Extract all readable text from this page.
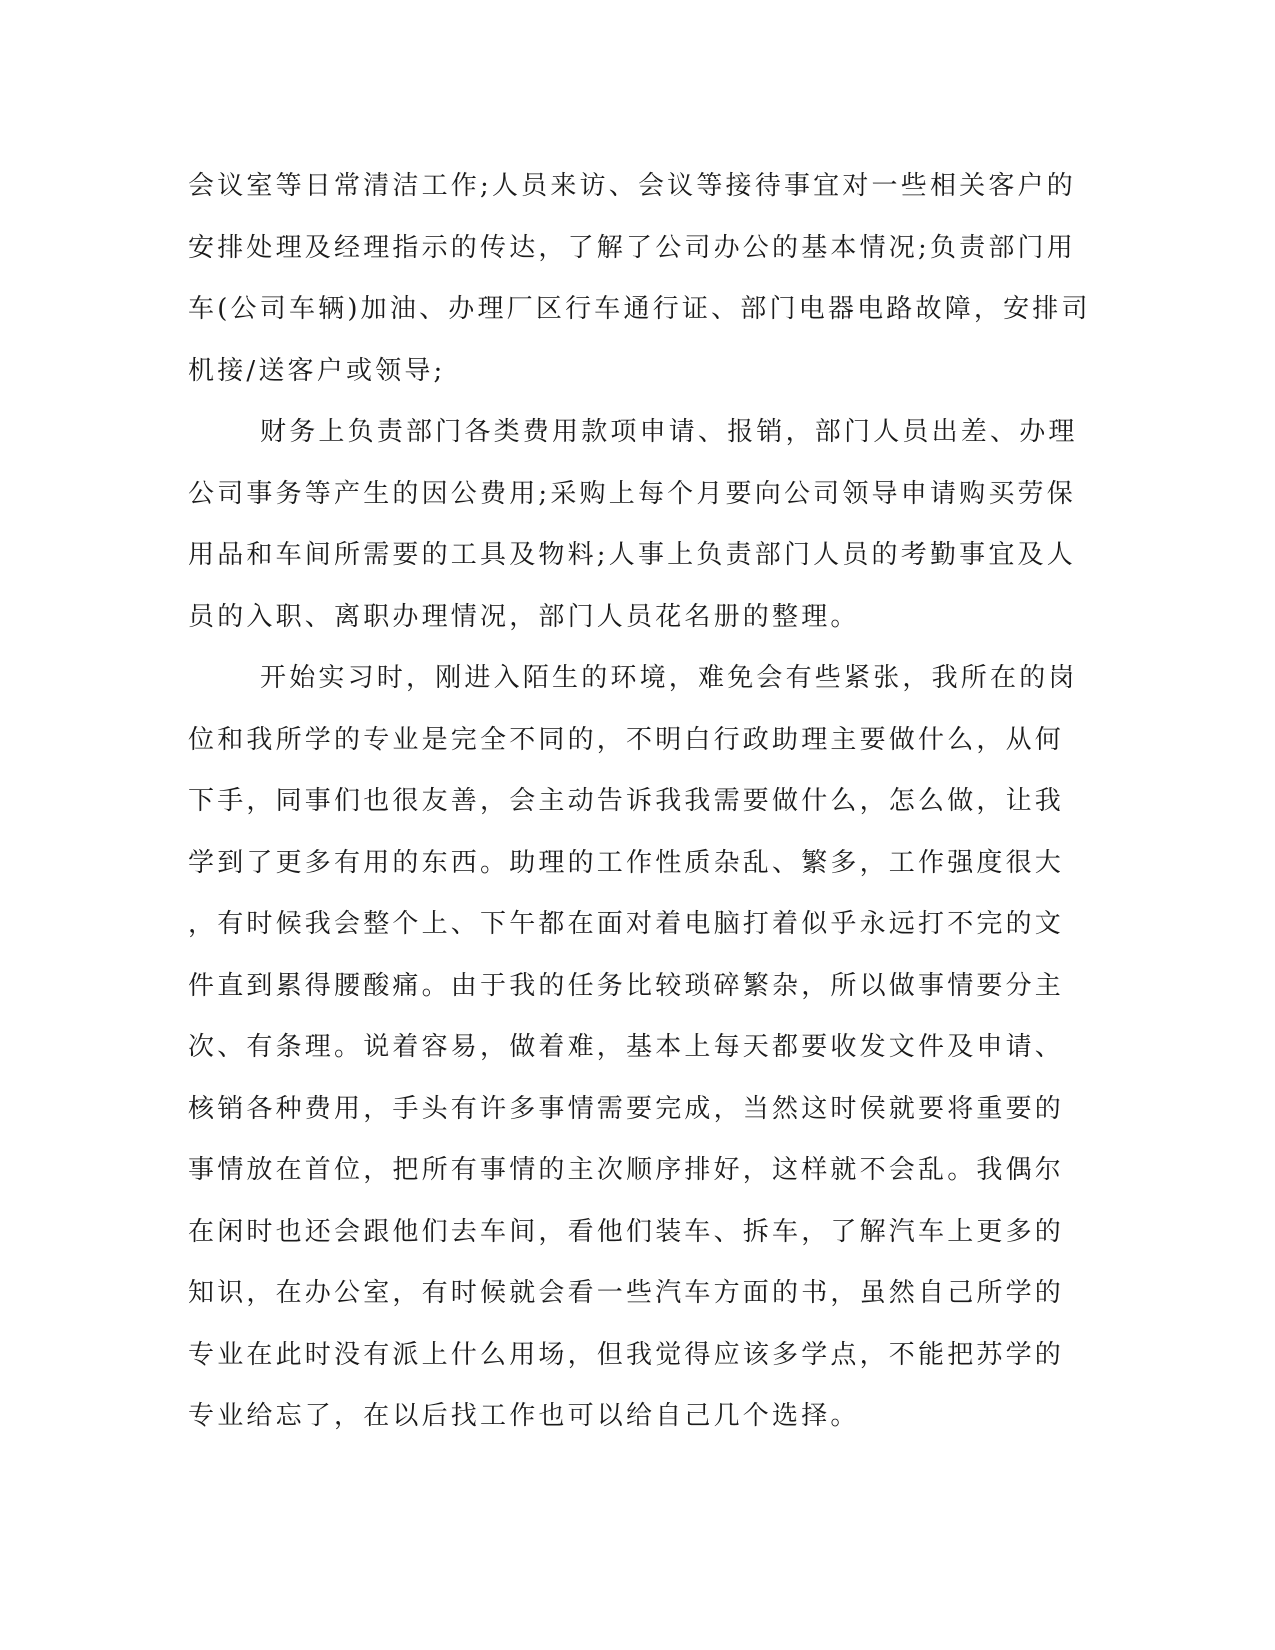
会议室等日常清洁工作;人员来访、会议等接待事宜对一些相关客户的
安排处理及经理指示的传达，了解了公司办公的基本情况;负责部门用
车(公司车辆)加油、办理厂区行车通行证、部门电器电路故障，安排司
机接/送客户或领导;
财务上负责部门各类费用款项申请、报销，部门人员出差、办理
公司事务等产生的因公费用;采购上每个月要向公司领导申请购买劳保
用品和车间所需要的工具及物料;人事上负责部门人员的考勤事宜及人
员的入职、离职办理情况，部门人员花名册的整理。
开始实习时，刚进入陌生的环境，难免会有些紧张，我所在的岗
位和我所学的专业是完全不同的，不明白行政助理主要做什么，从何
下手，同事们也很友善，会主动告诉我我需要做什么，怎么做，让我
学到了更多有用的东西。助理的工作性质杂乱、繁多，工作强度很大
，有时候我会整个上、下午都在面对着电脑打着似乎永远打不完的文
件直到累得腰酸痛。由于我的任务比较琐碎繁杂，所以做事情要分主
次、有条理。说着容易，做着难，基本上每天都要收发文件及申请、
核销各种费用，手头有许多事情需要完成，当然这时侯就要将重要的
事情放在首位，把所有事情的主次顺序排好，这样就不会乱。我偶尔
在闲时也还会跟他们去车间，看他们装车、拆车，了解汽车上更多的
知识，在办公室，有时候就会看一些汽车方面的书，虽然自己所学的
专业在此时没有派上什么用场，但我觉得应该多学点，不能把苏学的
专业给忘了，在以后找工作也可以给自己几个选择。
